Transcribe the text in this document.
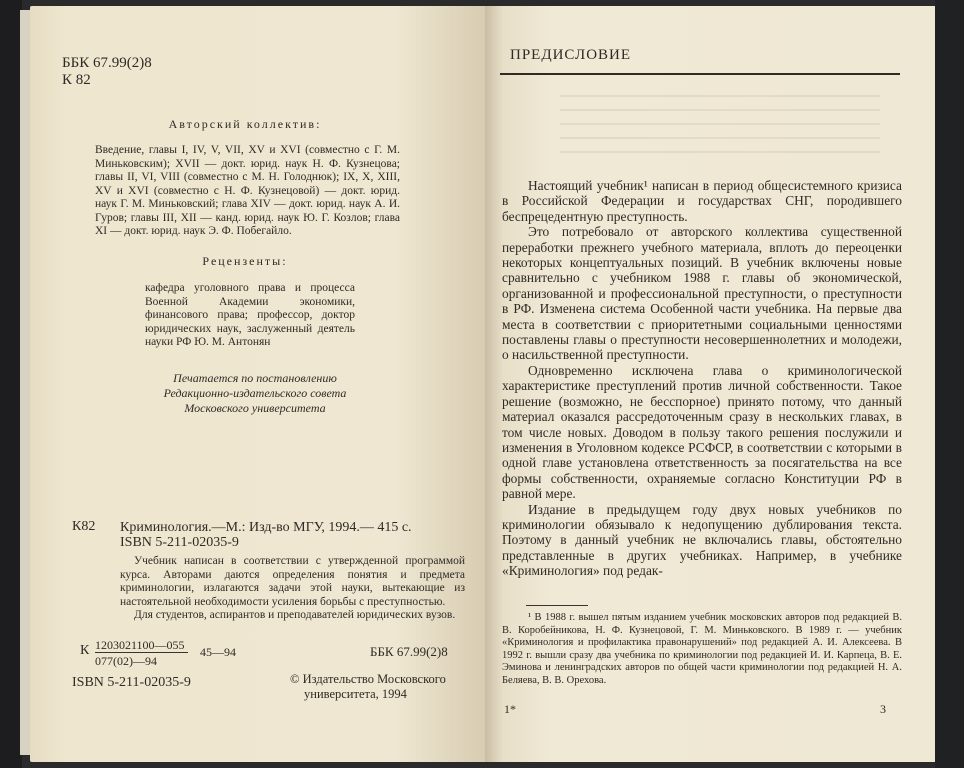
ББК 67.99(2)8
К 82
Авторский коллектив:
Введение, главы I, IV, V, VII, XV и XVI (совместно с Г. М. Миньковским); XVII — докт. юрид. наук Н. Ф. Кузнецова; главы II, VI, VIII (совместно с М. Н. Голоднюк); IX, X, XIII, XV и XVI (совместно с Н. Ф. Кузнецовой) — докт. юрид. наук Г. М. Миньковский; глава XIV — докт. юрид. наук А. И. Гуров; главы III, XII — канд. юрид. наук Ю. Г. Козлов; глава XI — докт. юрид. наук Э. Ф. Побегайло.
Рецензенты:
кафедра уголовного права и процесса Военной Академии экономики, финансового права; профессор, доктор юридических наук, заслуженный деятель науки РФ Ю. М. Антонян
Печатается по постановлению
Редакционно-издательского совета
Московского университета
К82 Криминология.—М.: Изд-во МГУ, 1994.— 415 с.
ISBN 5-211-02035-9

Учебник написан в соответствии с утвержденной программой курса. Авторами даются определения понятия и предмета криминологии, излагаются задачи этой науки, вытекающие из настоятельной необходимости усиления борьбы с преступностью.

Для студентов, аспирантов и преподавателей юридических вузов.

К 1203021100—055
077(02)—94
45—94	ББК 67.99(2)8
ISBN 5-211-02035-9	© Издательство Московского
университета, 1994
ПРЕДИСЛОВИЕ

Настоящий учебник¹ написан в период общесистемного кризиса в Российской Федерации и государствах СНГ, породившего беспрецедентную преступность.

Это потребовало от авторского коллектива существенной переработки прежнего учебного материала, вплоть до переоценки некоторых концептуальных позиций. В учебник включены новые сравнительно с учебником 1988 г. главы об экономической, организованной и профессиональной преступности, о преступности в РФ. Изменена система Особенной части учебника. На первые два места в соответствии с приоритетными социальными ценностями поставлены главы о преступности несовершеннолетних и молодежи, о насильственной преступности.

Одновременно исключена глава о криминологической характеристике преступлений против личной собственности. Такое решение (возможно, не бесспорное) принято потому, что данный материал оказался рассредоточенным сразу в нескольких главах, в том числе новых. Доводом в пользу такого решения послужили и изменения в Уголовном кодексе РСФСР, в соответствии с которыми в одной главе установлена ответственность за посягательства на все формы собственности, охраняемые согласно Конституции РФ в равной мере.

Издание в предыдущем году двух новых учебников по криминологии обязывало к недопущению дублирования текста. Поэтому в данный учебник не включались главы, обстоятельно представленные в других учебниках. Например, в учебнике «Криминология» под редак-

¹ В 1988 г. вышел пятым изданием учебник московских авторов под редакцией В. В. Коробейникова, Н. Ф. Кузнецовой, Г. М. Миньковского. В 1989 г. — учебник «Криминология и профилактика правонарушений» под редакцией А. И. Алексеева. В 1992 г. вышли сразу два учебника по криминологии под редакцией И. И. Карпеца, В. Е. Эминова и ленинградских авторов по общей части криминологии под редакцией Н. А. Беляева, В. В. Орехова.

1*	3
